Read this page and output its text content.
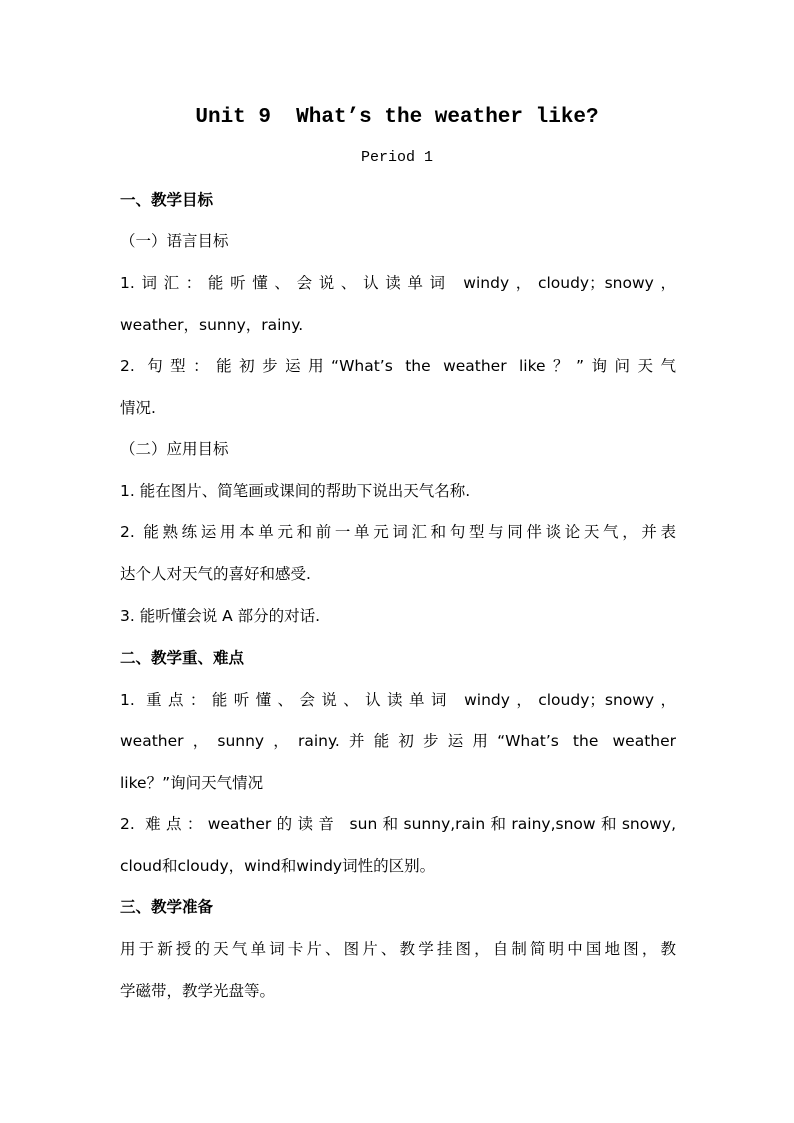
Unit 9  What’s the weather like?
Period 1
一、教学目标
（一）语言目标
1.词汇：能听懂、会说、认读单词 windy，cloudy；snowy，
weather，sunny，rainy.
2. 句型：能初步运用“What’s the weather like？”询问天气
情况.
（二）应用目标
1. 能在图片、简笔画或课间的帮助下说出天气名称.
2. 能熟练运用本单元和前一单元词汇和句型与同伴谈论天气，并表
达个人对天气的喜好和感受.
3. 能听懂会说 A 部分的对话.
二、教学重、难点
1. 重点：能听懂、会说、认读单词 windy，cloudy；snowy，
weather，sunny，rainy.并能初步运用“What’s the weather
like？”询问天气情况
2. 难点：weather的读音 sun和sunny,rain和rainy,snow和snowy,
cloud和cloudy，wind和windy词性的区别。
三、教学准备
用于新授的天气单词卡片、图片、教学挂图，自制简明中国地图，教
学磁带，教学光盘等。
